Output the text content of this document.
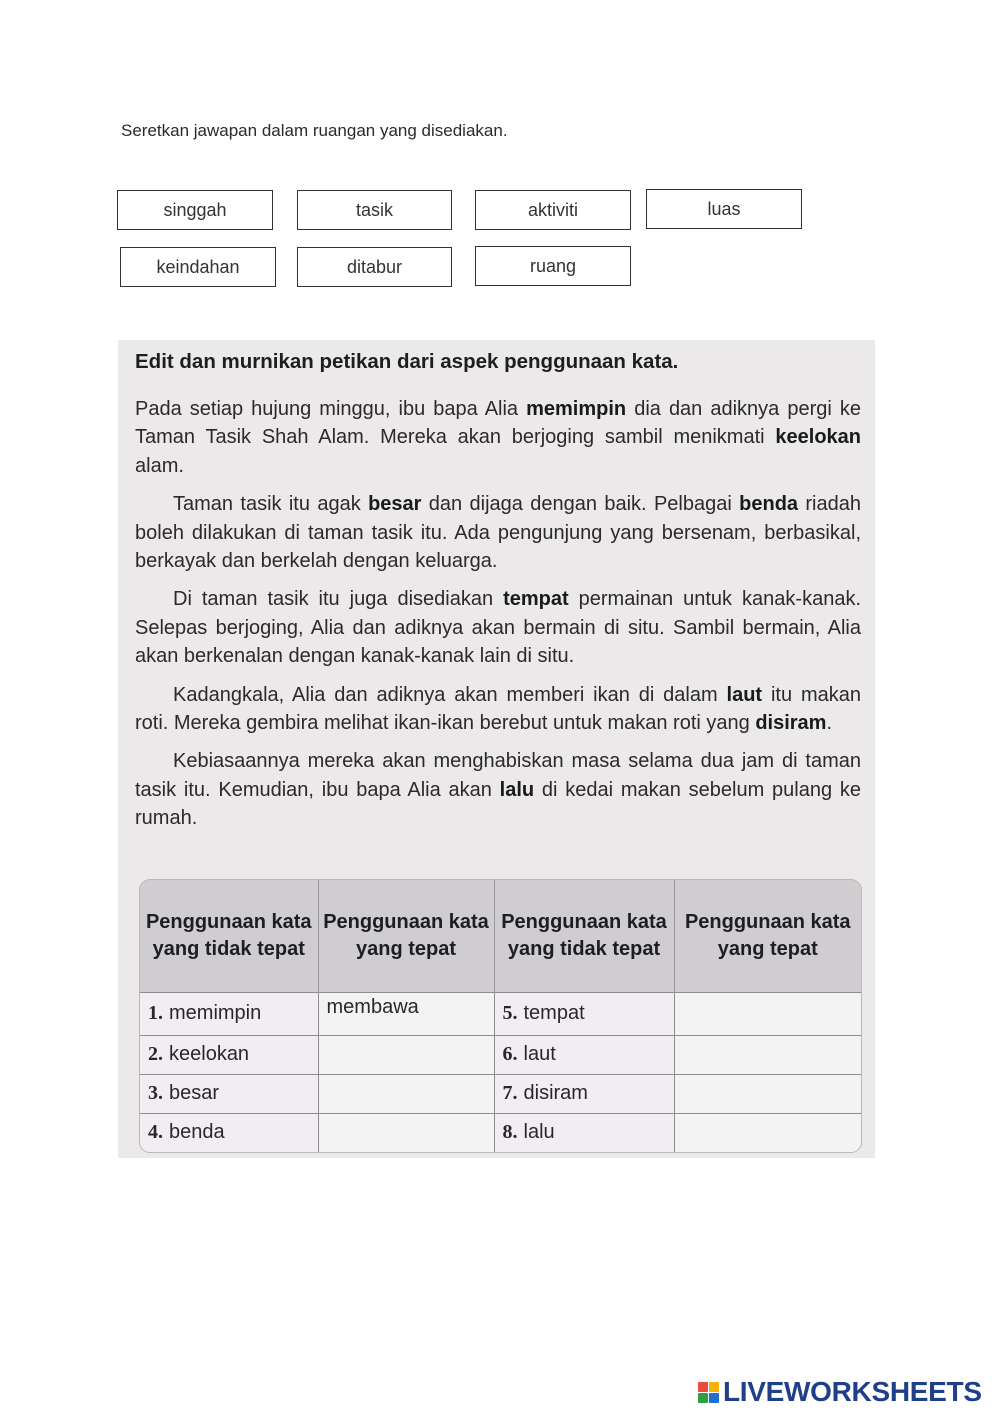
Seretkan jawapan dalam ruangan yang disediakan.
singgah	tasik	aktiviti	luas
keindahan	ditabur	ruang
Edit dan murnikan petikan dari aspek penggunaan kata.

Pada setiap hujung minggu, ibu bapa Alia memimpin dia dan adiknya pergi ke Taman Tasik Shah Alam. Mereka akan berjoging sambil menikmati keelokan alam.

Taman tasik itu agak besar dan dijaga dengan baik. Pelbagai benda riadah boleh dilakukan di taman tasik itu. Ada pengunjung yang bersenam, berbasikal, berkayak dan berkelah dengan keluarga.

Di taman tasik itu juga disediakan tempat permainan untuk kanak-kanak. Selepas berjoging, Alia dan adiknya akan bermain di situ. Sambil bermain, Alia akan berkenalan dengan kanak-kanak lain di situ.

Kadangkala, Alia dan adiknya akan memberi ikan di dalam laut itu makan roti. Mereka gembira melihat ikan-ikan berebut untuk makan roti yang disiram.

Kebiasaannya mereka akan menghabiskan masa selama dua jam di taman tasik itu. Kemudian, ibu bapa Alia akan lalu di kedai makan sebelum pulang ke rumah.

Penggunaan kata yang tidak tepat	Penggunaan kata yang tepat	Penggunaan kata yang tidak tepat	Penggunaan kata yang tepat
1. memimpin	membawa	5. tempat	
2. keelokan		6. laut	
3. besar		7. disiram	
4. benda		8. lalu	
LIVEWORKSHEETS
